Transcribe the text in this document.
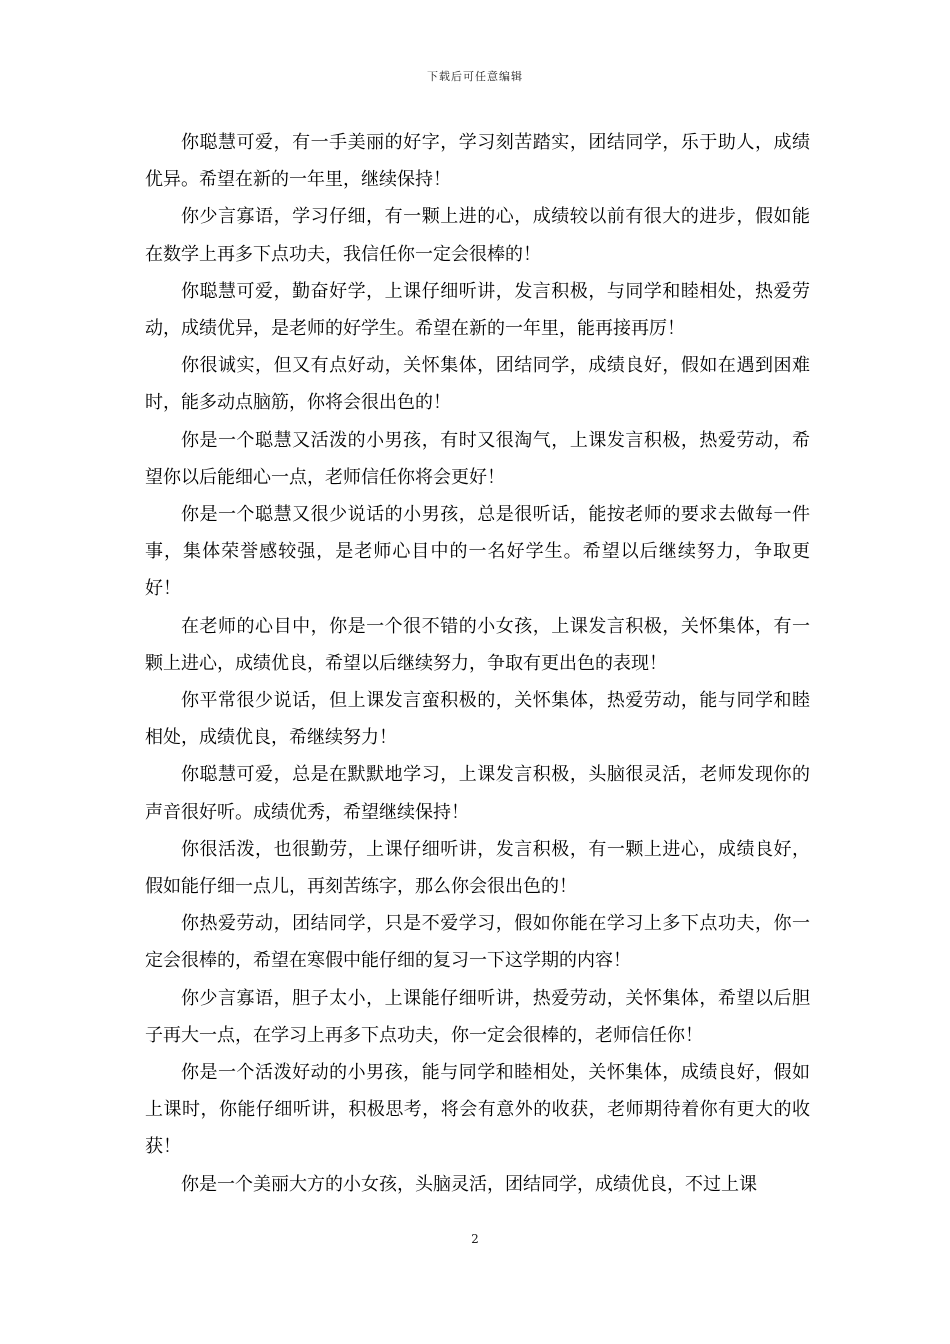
下载后可任意编辑

你聪慧可爱，有一手美丽的好字，学习刻苦踏实，团结同学，乐于助人，成绩优异。希望在新的一年里，继续保持！

你少言寡语，学习仔细，有一颗上进的心，成绩较以前有很大的进步，假如能在数学上再多下点功夫，我信任你一定会很棒的！

你聪慧可爱，勤奋好学，上课仔细听讲，发言积极，与同学和睦相处，热爱劳动，成绩优异，是老师的好学生。希望在新的一年里，能再接再厉！

你很诚实，但又有点好动，关怀集体，团结同学，成绩良好，假如在遇到困难时，能多动点脑筋，你将会很出色的！

你是一个聪慧又活泼的小男孩，有时又很淘气，上课发言积极，热爱劳动，希望你以后能细心一点，老师信任你将会更好！

你是一个聪慧又很少说话的小男孩，总是很听话，能按老师的要求去做每一件事，集体荣誉感较强，是老师心目中的一名好学生。希望以后继续努力，争取更好！

在老师的心目中，你是一个很不错的小女孩，上课发言积极，关怀集体，有一颗上进心，成绩优良，希望以后继续努力，争取有更出色的表现！

你平常很少说话，但上课发言蛮积极的，关怀集体，热爱劳动，能与同学和睦相处，成绩优良，希继续努力！

你聪慧可爱，总是在默默地学习，上课发言积极，头脑很灵活，老师发现你的声音很好听。成绩优秀，希望继续保持！

你很活泼，也很勤劳，上课仔细听讲，发言积极，有一颗上进心，成绩良好，假如能仔细一点儿，再刻苦练字，那么你会很出色的！

你热爱劳动，团结同学，只是不爱学习，假如你能在学习上多下点功夫，你一定会很棒的，希望在寒假中能仔细的复习一下这学期的内容！

你少言寡语，胆子太小，上课能仔细听讲，热爱劳动，关怀集体，希望以后胆子再大一点，在学习上再多下点功夫，你一定会很棒的，老师信任你！

你是一个活泼好动的小男孩，能与同学和睦相处，关怀集体，成绩良好，假如上课时，你能仔细听讲，积极思考，将会有意外的收获，老师期待着你有更大的收获！

你是一个美丽大方的小女孩，头脑灵活，团结同学，成绩优良，不过上课

2
